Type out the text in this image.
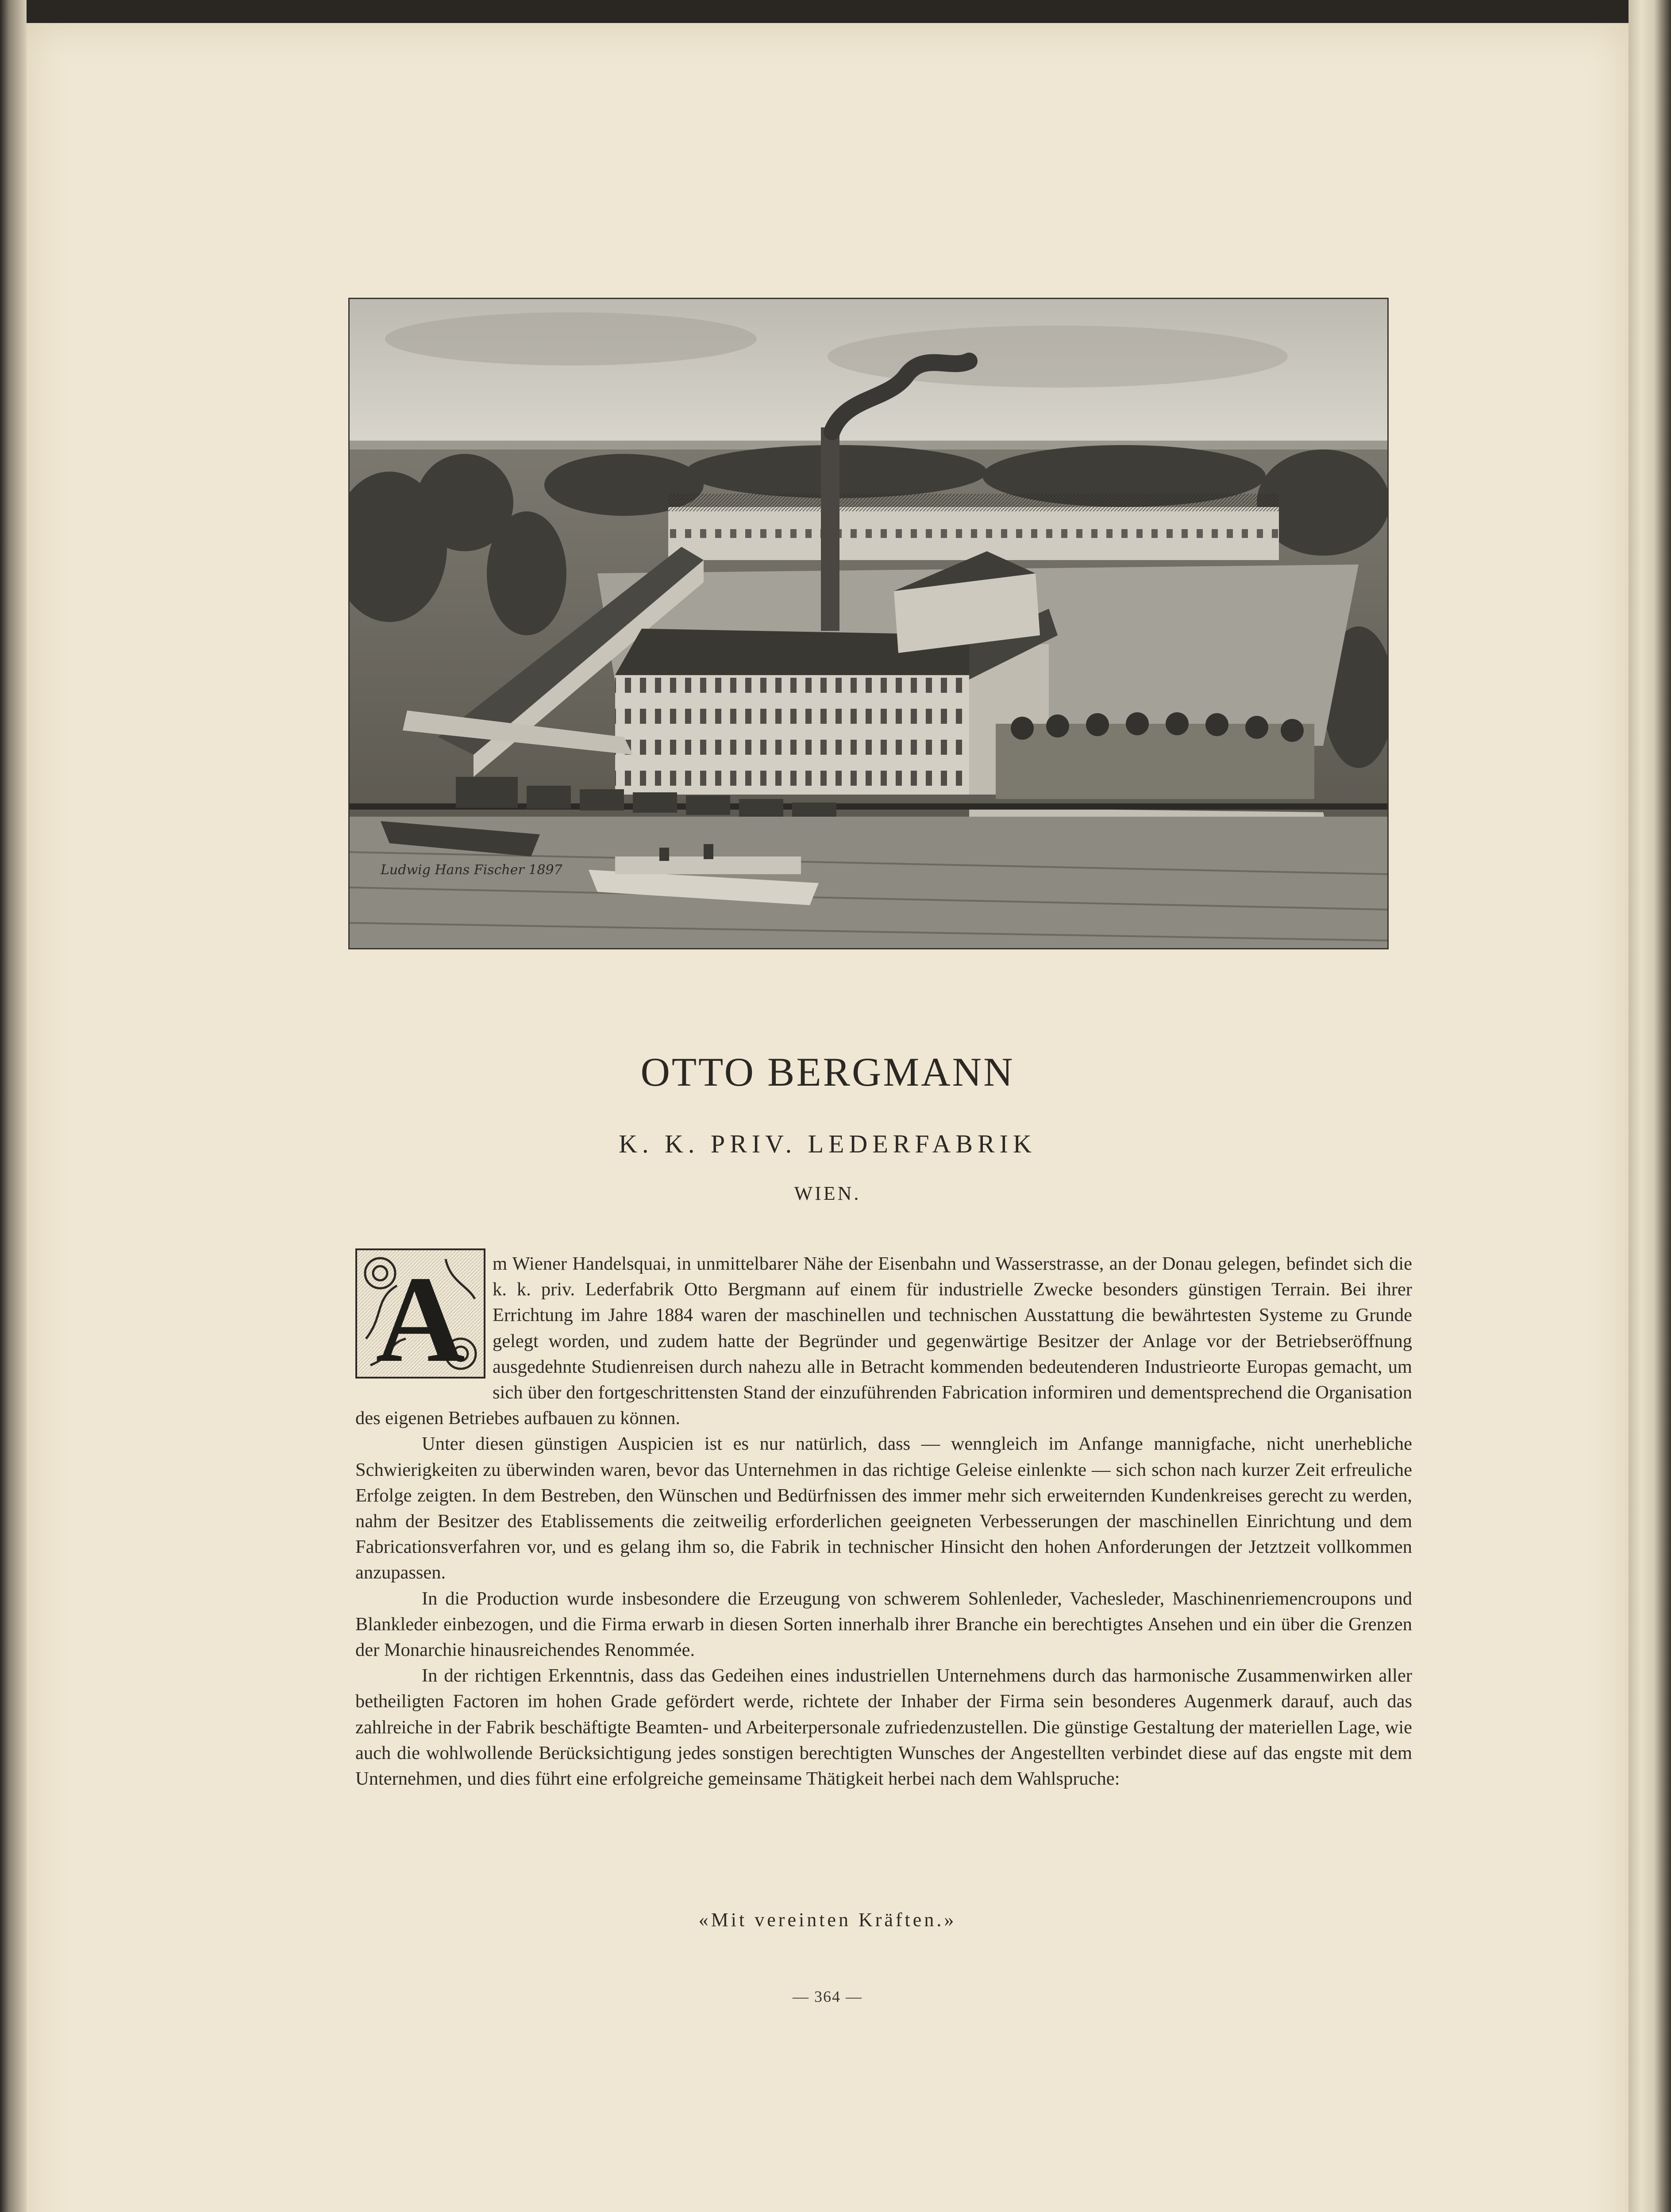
Ludwig Hans Fischer 1897
OTTO BERGMANN
K. K. PRIV. LEDERFABRIK
WIEN.
A	m Wiener Handelsquai, in unmittelbarer Nähe der Eisenbahn und Wasserstrasse, an der Donau gelegen, befindet sich die k. k. priv. Lederfabrik Otto Bergmann auf einem für industrielle Zwecke besonders günstigen Terrain. Bei ihrer Errichtung im Jahre 1884 waren der maschinellen und technischen Ausstattung die bewährtesten Systeme zu Grunde gelegt worden, und zudem hatte der Begründer und gegenwärtige Besitzer der Anlage vor der Betriebseröffnung ausgedehnte Studienreisen durch nahezu alle in Betracht kommenden bedeutenderen Industrieorte Europas gemacht, um sich über den fortgeschrittensten Stand der einzuführenden Fabrication informiren und dementsprechend die Organisation des eigenen Betriebes aufbauen zu können.

Unter diesen günstigen Auspicien ist es nur natürlich, dass — wenngleich im Anfange mannigfache, nicht unerhebliche Schwierigkeiten zu überwinden waren, bevor das Unternehmen in das richtige Geleise einlenkte — sich schon nach kurzer Zeit erfreuliche Erfolge zeigten. In dem Bestreben, den Wünschen und Bedürfnissen des immer mehr sich erweiternden Kundenkreises gerecht zu werden, nahm der Besitzer des Etablissements die zeitweilig erforderlichen geeigneten Verbesserungen der maschinellen Einrichtung und dem Fabricationsverfahren vor, und es gelang ihm so, die Fabrik in technischer Hinsicht den hohen Anforderungen der Jetztzeit vollkommen anzupassen.

In die Production wurde insbesondere die Erzeugung von schwerem Sohlenleder, Vachesleder, Maschinenriemencroupons und Blankleder einbezogen, und die Firma erwarb in diesen Sorten innerhalb ihrer Branche ein berechtigtes Ansehen und ein über die Grenzen der Monarchie hinausreichendes Renommée.

In der richtigen Erkenntnis, dass das Gedeihen eines industriellen Unternehmens durch das harmonische Zusammenwirken aller betheiligten Factoren im hohen Grade gefördert werde, richtete der Inhaber der Firma sein besonderes Augenmerk darauf, auch das zahlreiche in der Fabrik beschäftigte Beamten- und Arbeiterpersonale zufriedenzustellen. Die günstige Gestaltung der materiellen Lage, wie auch die wohlwollende Berücksichtigung jedes sonstigen berechtigten Wunsches der Angestellten verbindet diese auf das engste mit dem Unternehmen, und dies führt eine erfolgreiche gemeinsame Thätigkeit herbei nach dem Wahlspruche:

«Mit vereinten Kräften.»
— 364 —
